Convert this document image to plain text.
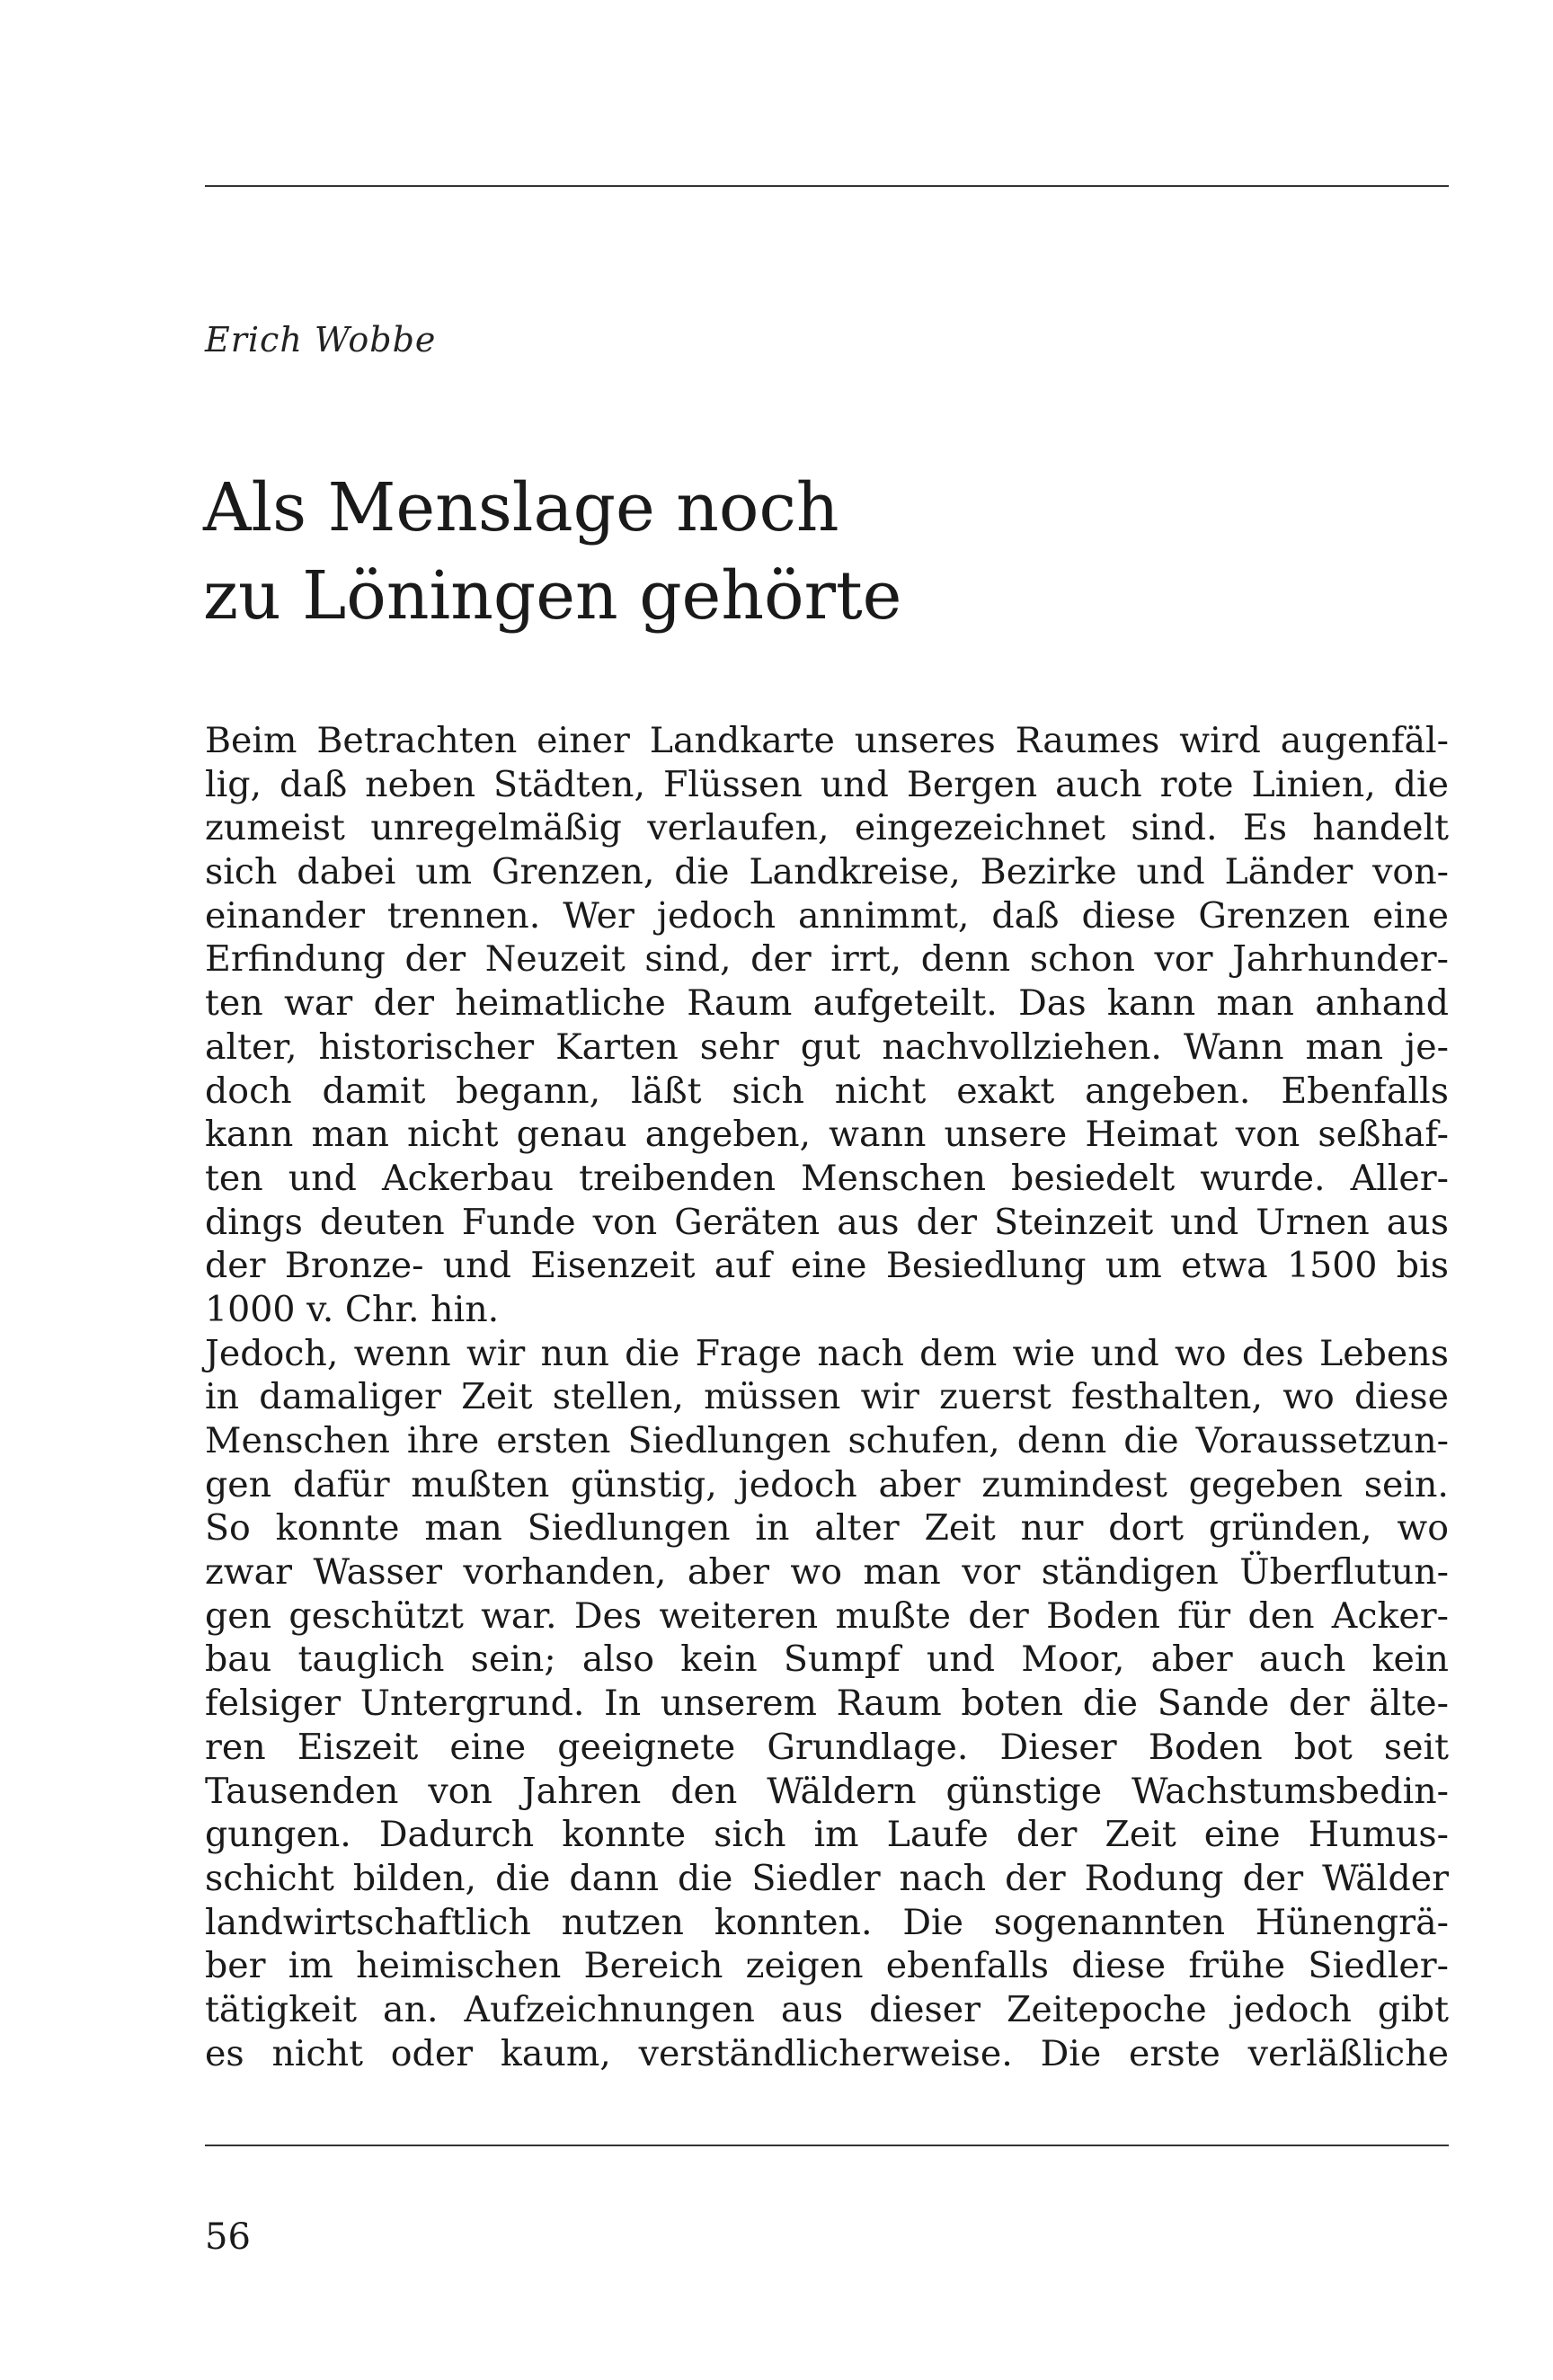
Erich Wobbe
Als Menslage noch
zu Löningen gehörte
Beim Betrachten einer Landkarte unseres Raumes wird augenfäl-
lig, daß neben Städten, Flüssen und Bergen auch rote Linien, die
zumeist unregelmäßig verlaufen, eingezeichnet sind. Es handelt
sich dabei um Grenzen, die Landkreise, Bezirke und Länder von-
einander trennen. Wer jedoch annimmt, daß diese Grenzen eine
Erfindung der Neuzeit sind, der irrt, denn schon vor Jahrhunder-
ten war der heimatliche Raum aufgeteilt. Das kann man anhand
alter, historischer Karten sehr gut nachvollziehen. Wann man je-
doch damit begann, läßt sich nicht exakt angeben. Ebenfalls
kann man nicht genau angeben, wann unsere Heimat von seßhaf-
ten und Ackerbau treibenden Menschen besiedelt wurde. Aller-
dings deuten Funde von Geräten aus der Steinzeit und Urnen aus
der Bronze- und Eisenzeit auf eine Besiedlung um etwa 1500 bis
1000 v. Chr. hin.
Jedoch, wenn wir nun die Frage nach dem wie und wo des Lebens
in damaliger Zeit stellen, müssen wir zuerst festhalten, wo diese
Menschen ihre ersten Siedlungen schufen, denn die Voraussetzun-
gen dafür mußten günstig, jedoch aber zumindest gegeben sein.
So konnte man Siedlungen in alter Zeit nur dort gründen, wo
zwar Wasser vorhanden, aber wo man vor ständigen Überflutun-
gen geschützt war. Des weiteren mußte der Boden für den Acker-
bau tauglich sein; also kein Sumpf und Moor, aber auch kein
felsiger Untergrund. In unserem Raum boten die Sande der älte-
ren Eiszeit eine geeignete Grundlage. Dieser Boden bot seit
Tausenden von Jahren den Wäldern günstige Wachstumsbedin-
gungen. Dadurch konnte sich im Laufe der Zeit eine Humus-
schicht bilden, die dann die Siedler nach der Rodung der Wälder
landwirtschaftlich nutzen konnten. Die sogenannten Hünengrä-
ber im heimischen Bereich zeigen ebenfalls diese frühe Siedler-
tätigkeit an. Aufzeichnungen aus dieser Zeitepoche jedoch gibt
es nicht oder kaum, verständlicherweise. Die erste verläßliche
56
